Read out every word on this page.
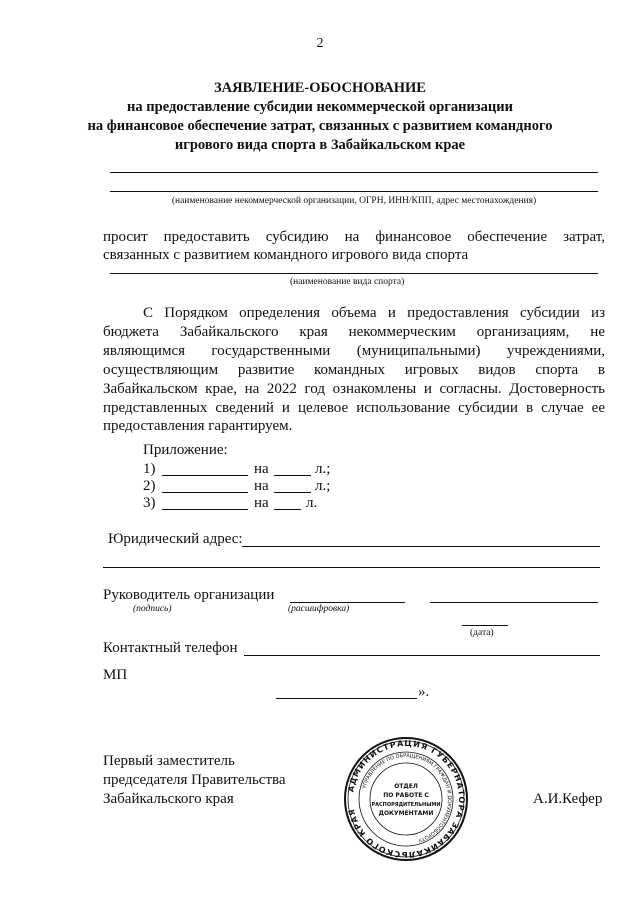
2
ЗАЯВЛЕНИЕ-ОБОСНОВАНИЕ
на предоставление субсидии некоммерческой организации
на финансовое обеспечение затрат, связанных с развитием командного
игрового вида спорта в Забайкальском крае
(наименование некоммерческой организации, ОГРН, ИНН/КПП, адрес местонахождения)
просит предоставить субсидию на финансовое обеспечение затрат,
связанных с развитием командного игрового вида спорта
(наименование вида спорта)
С Порядком определения объема и предоставления субсидии из
бюджета Забайкальского края некоммерческим организациям, не
являющимся государственными (муниципальными) учреждениями,
осуществляющим развитие командных игровых видов спорта в
Забайкальском крае, на 2022 год ознакомлены и согласны. Достоверность
представленных сведений и целевое использование субсидии в случае ее
предоставления гарантируем.
Приложение:
1)	на	л.;
2)	на	л.;
3)	на л.
Юридический адрес:
Руководитель организации
(подпись)	(расшифровка)
(дата)
Контактный телефон
МП
».
Первый заместитель
председателя Правительства
Забайкальского края	А.И.Кефер
АДМИНИСТРАЦИЯ ГУБЕРНАТОРА ЗАБАЙКАЛЬСКОГО КРАЯ
УПРАВЛЕНИЕ ПО ОБРАЩЕНИЯМ ГРАЖДАН И ДОКУМЕНТООБОРОТУ
ОТДЕЛ
ПО РАБОТЕ С
РАСПОРЯДИТЕЛЬНЫМИ
ДОКУМЕНТАМИ
